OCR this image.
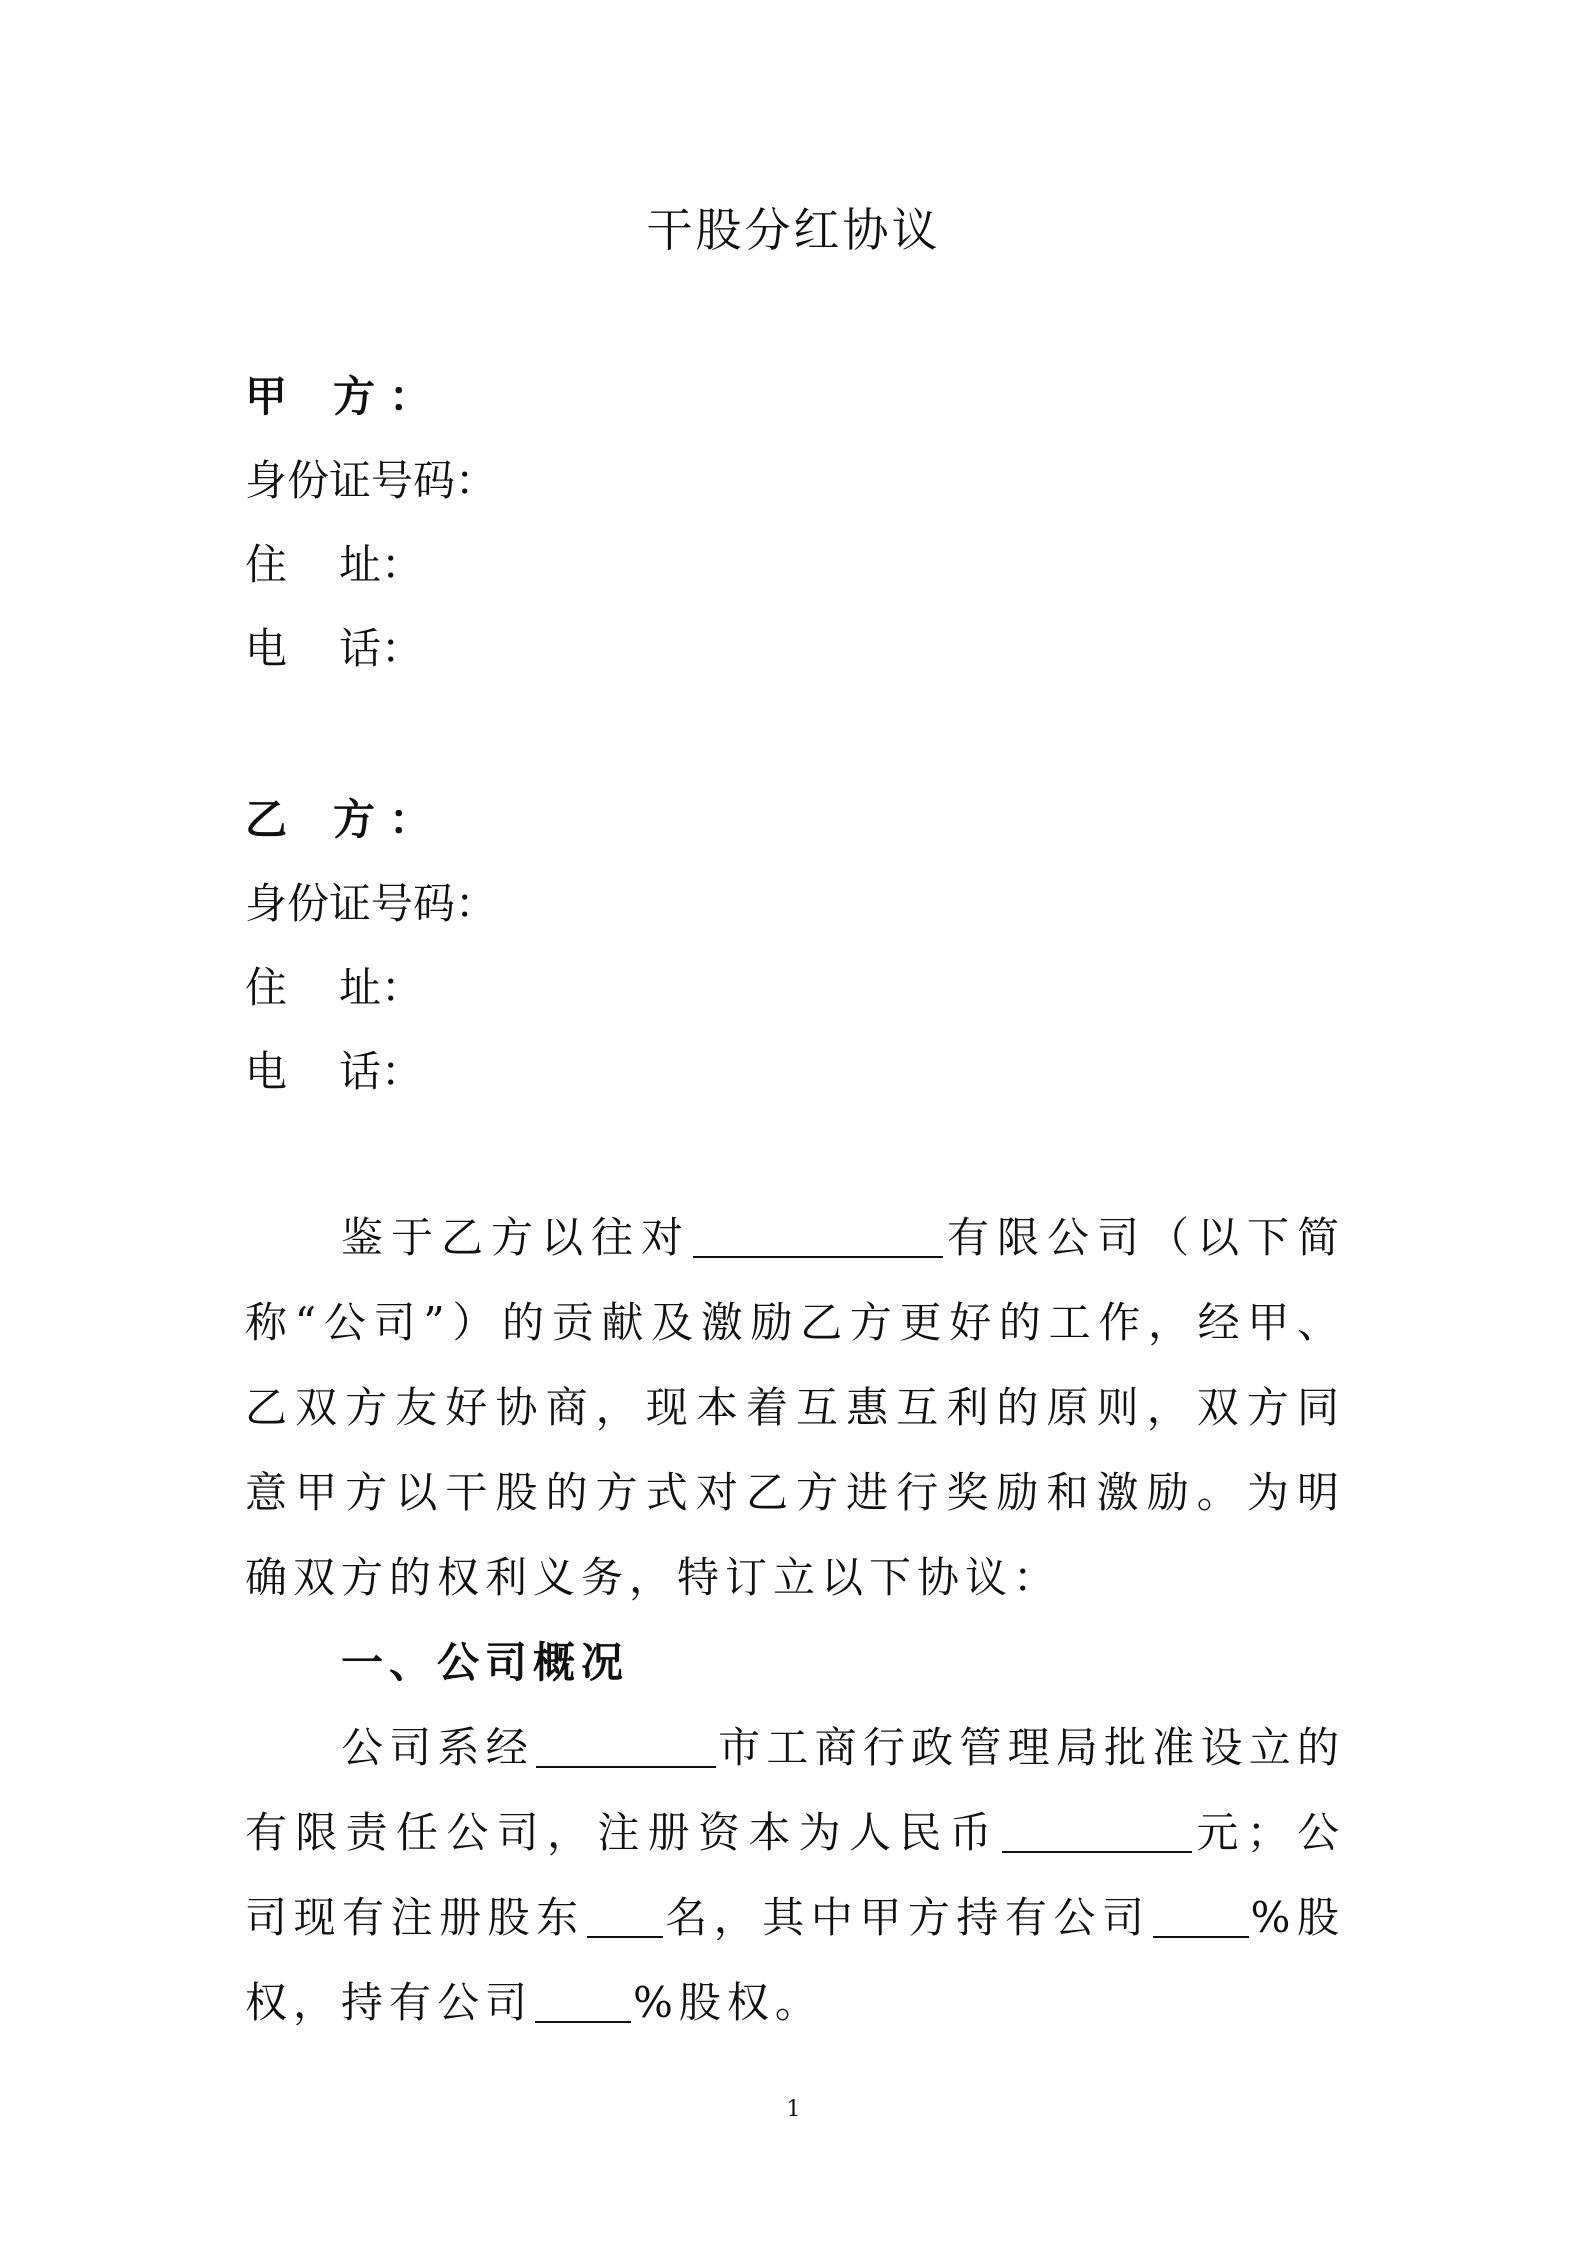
干股分红协议
甲 方 ：
身份证号码：
住 址：
电 话：
乙 方 ：
身份证号码：
住 址：
电 话：

鉴于乙方以往对	有限公司（以下简称“公司”）的贡献及激励乙方更好的工作，经甲、乙双方友好协商，现本着互惠互利的原则，双方同意甲方以干股的方式对乙方进行奖励和激励。为明确双方的权利义务，特订立以下协议：

一、公司概况

公司系经	市工商行政管理局批准设立的有限责任公司，注册资本为人民币	元；公司现有注册股东 名，其中甲方持有公司 %股权，持有公司 %股权。

1
